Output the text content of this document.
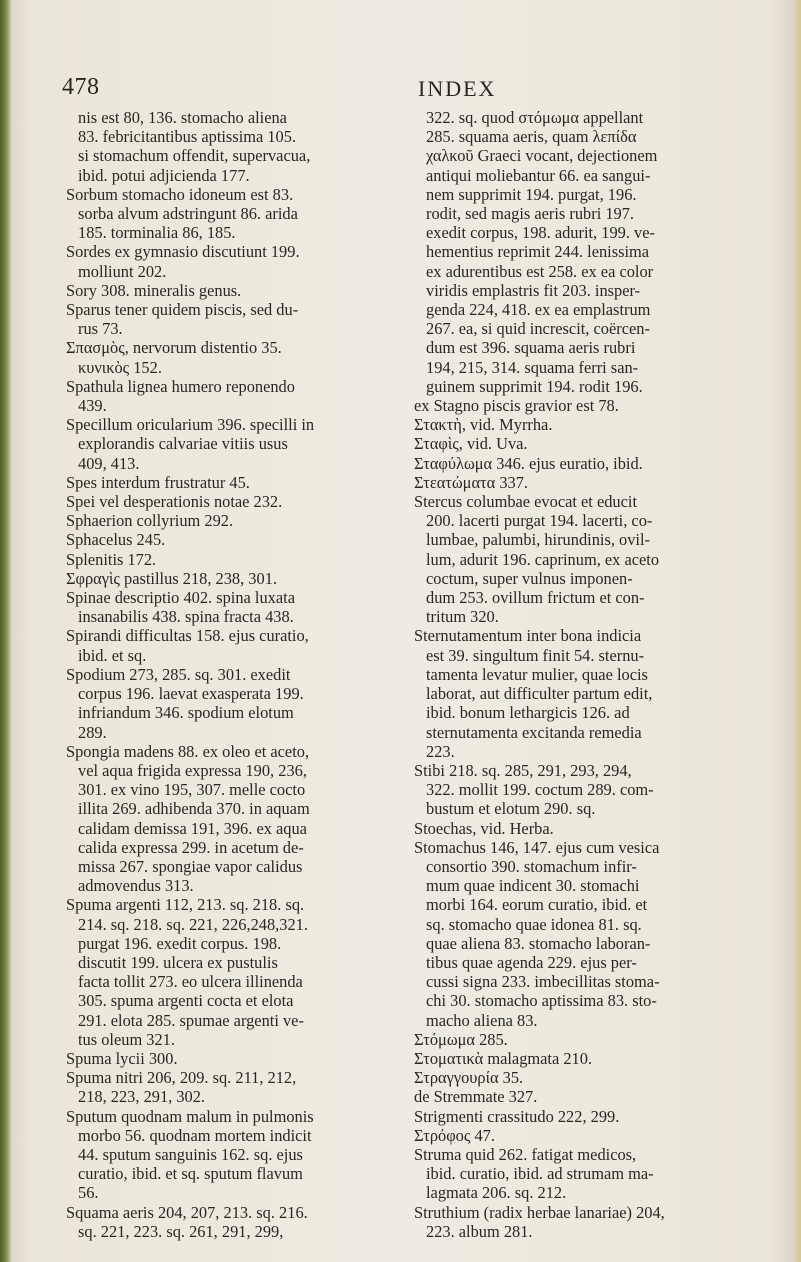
478	INDEX
nis est 80, 136. stomacho aliena
83. febricitantibus aptissima 105.
si stomachum offendit, supervacua,
ibid. potui adjicienda 177.
Sorbum stomacho idoneum est 83.
sorba alvum adstringunt 86. arida
185. torminalia 86, 185.
Sordes ex gymnasio discutiunt 199.
molliunt 202.
Sory 308. mineralis genus.
Sparus tener quidem piscis, sed du-
rus 73.
Σπασμὸς, nervorum distentio 35.
κυνικὸς 152.
Spathula lignea humero reponendo
439.
Specillum oricularium 396. specilli in
explorandis calvariae vitiis usus
409, 413.
Spes interdum frustratur 45.
Spei vel desperationis notae 232.
Sphaerion collyrium 292.
Sphacelus 245.
Splenitis 172.
Σφραγὶς pastillus 218, 238, 301.
Spinae descriptio 402. spina luxata
insanabilis 438. spina fracta 438.
Spirandi difficultas 158. ejus curatio,
ibid. et sq.
Spodium 273, 285. sq. 301. exedit
corpus 196. laevat exasperata 199.
infriandum 346. spodium elotum
289.
Spongia madens 88. ex oleo et aceto,
vel aqua frigida expressa 190, 236,
301. ex vino 195, 307. melle cocto
illita 269. adhibenda 370. in aquam
calidam demissa 191, 396. ex aqua
calida expressa 299. in acetum de-
missa 267. spongiae vapor calidus
admovendus 313.
Spuma argenti 112, 213. sq. 218. sq.
214. sq. 218. sq. 221, 226,248,321.
purgat 196. exedit corpus. 198.
discutit 199. ulcera ex pustulis
facta tollit 273. eo ulcera illinenda
305. spuma argenti cocta et elota
291. elota 285. spumae argenti ve-
tus oleum 321.
Spuma lycii 300.
Spuma nitri 206, 209. sq. 211, 212,
218, 223, 291, 302.
Sputum quodnam malum in pulmonis
morbo 56. quodnam mortem indicit
44. sputum sanguinis 162. sq. ejus
curatio, ibid. et sq. sputum flavum
56.
Squama aeris 204, 207, 213. sq. 216.
sq. 221, 223. sq. 261, 291, 299,
322. sq. quod στόμωμα appellant
285. squama aeris, quam λεπίδα
χαλκοῦ Graeci vocant, dejectionem
antiqui moliebantur 66. ea sangui-
nem supprimit 194. purgat, 196.
rodit, sed magis aeris rubri 197.
exedit corpus, 198. adurit, 199. ve-
hementius reprimit 244. lenissima
ex adurentibus est 258. ex ea color
viridis emplastris fit 203. insper-
genda 224, 418. ex ea emplastrum
267. ea, si quid increscit, coërcen-
dum est 396. squama aeris rubri
194, 215, 314. squama ferri san-
guinem supprimit 194. rodit 196.
ex Stagno piscis gravior est 78.
Στακτὴ, vid. Myrrha.
Σταφὶς, vid. Uva.
Σταφύλωμα 346. ejus euratio, ibid.
Στεατώματα 337.
Stercus columbae evocat et educit
200. lacerti purgat 194. lacerti, co-
lumbae, palumbi, hirundinis, ovil-
lum, adurit 196. caprinum, ex aceto
coctum, super vulnus imponen-
dum 253. ovillum frictum et con-
tritum 320.
Sternutamentum inter bona indicia
est 39. singultum finit 54. sternu-
tamenta levatur mulier, quae locis
laborat, aut difficulter partum edit,
ibid. bonum lethargicis 126. ad
sternutamenta excitanda remedia
223.
Stibi 218. sq. 285, 291, 293, 294,
322. mollit 199. coctum 289. com-
bustum et elotum 290. sq.
Stoechas, vid. Herba.
Stomachus 146, 147. ejus cum vesica
consortio 390. stomachum infir-
mum quae indicent 30. stomachi
morbi 164. eorum curatio, ibid. et
sq. stomacho quae idonea 81. sq.
quae aliena 83. stomacho laboran-
tibus quae agenda 229. ejus per-
cussi signa 233. imbecillitas stoma-
chi 30. stomacho aptissima 83. sto-
macho aliena 83.
Στόμωμα 285.
Στοματικὰ malagmata 210.
Στραγγουρία 35.
de Stremmate 327.
Strigmenti crassitudo 222, 299.
Στρόφος 47.
Struma quid 262. fatigat medicos,
ibid. curatio, ibid. ad strumam ma-
lagmata 206. sq. 212.
Struthium (radix herbae lanariae) 204,
223. album 281.
